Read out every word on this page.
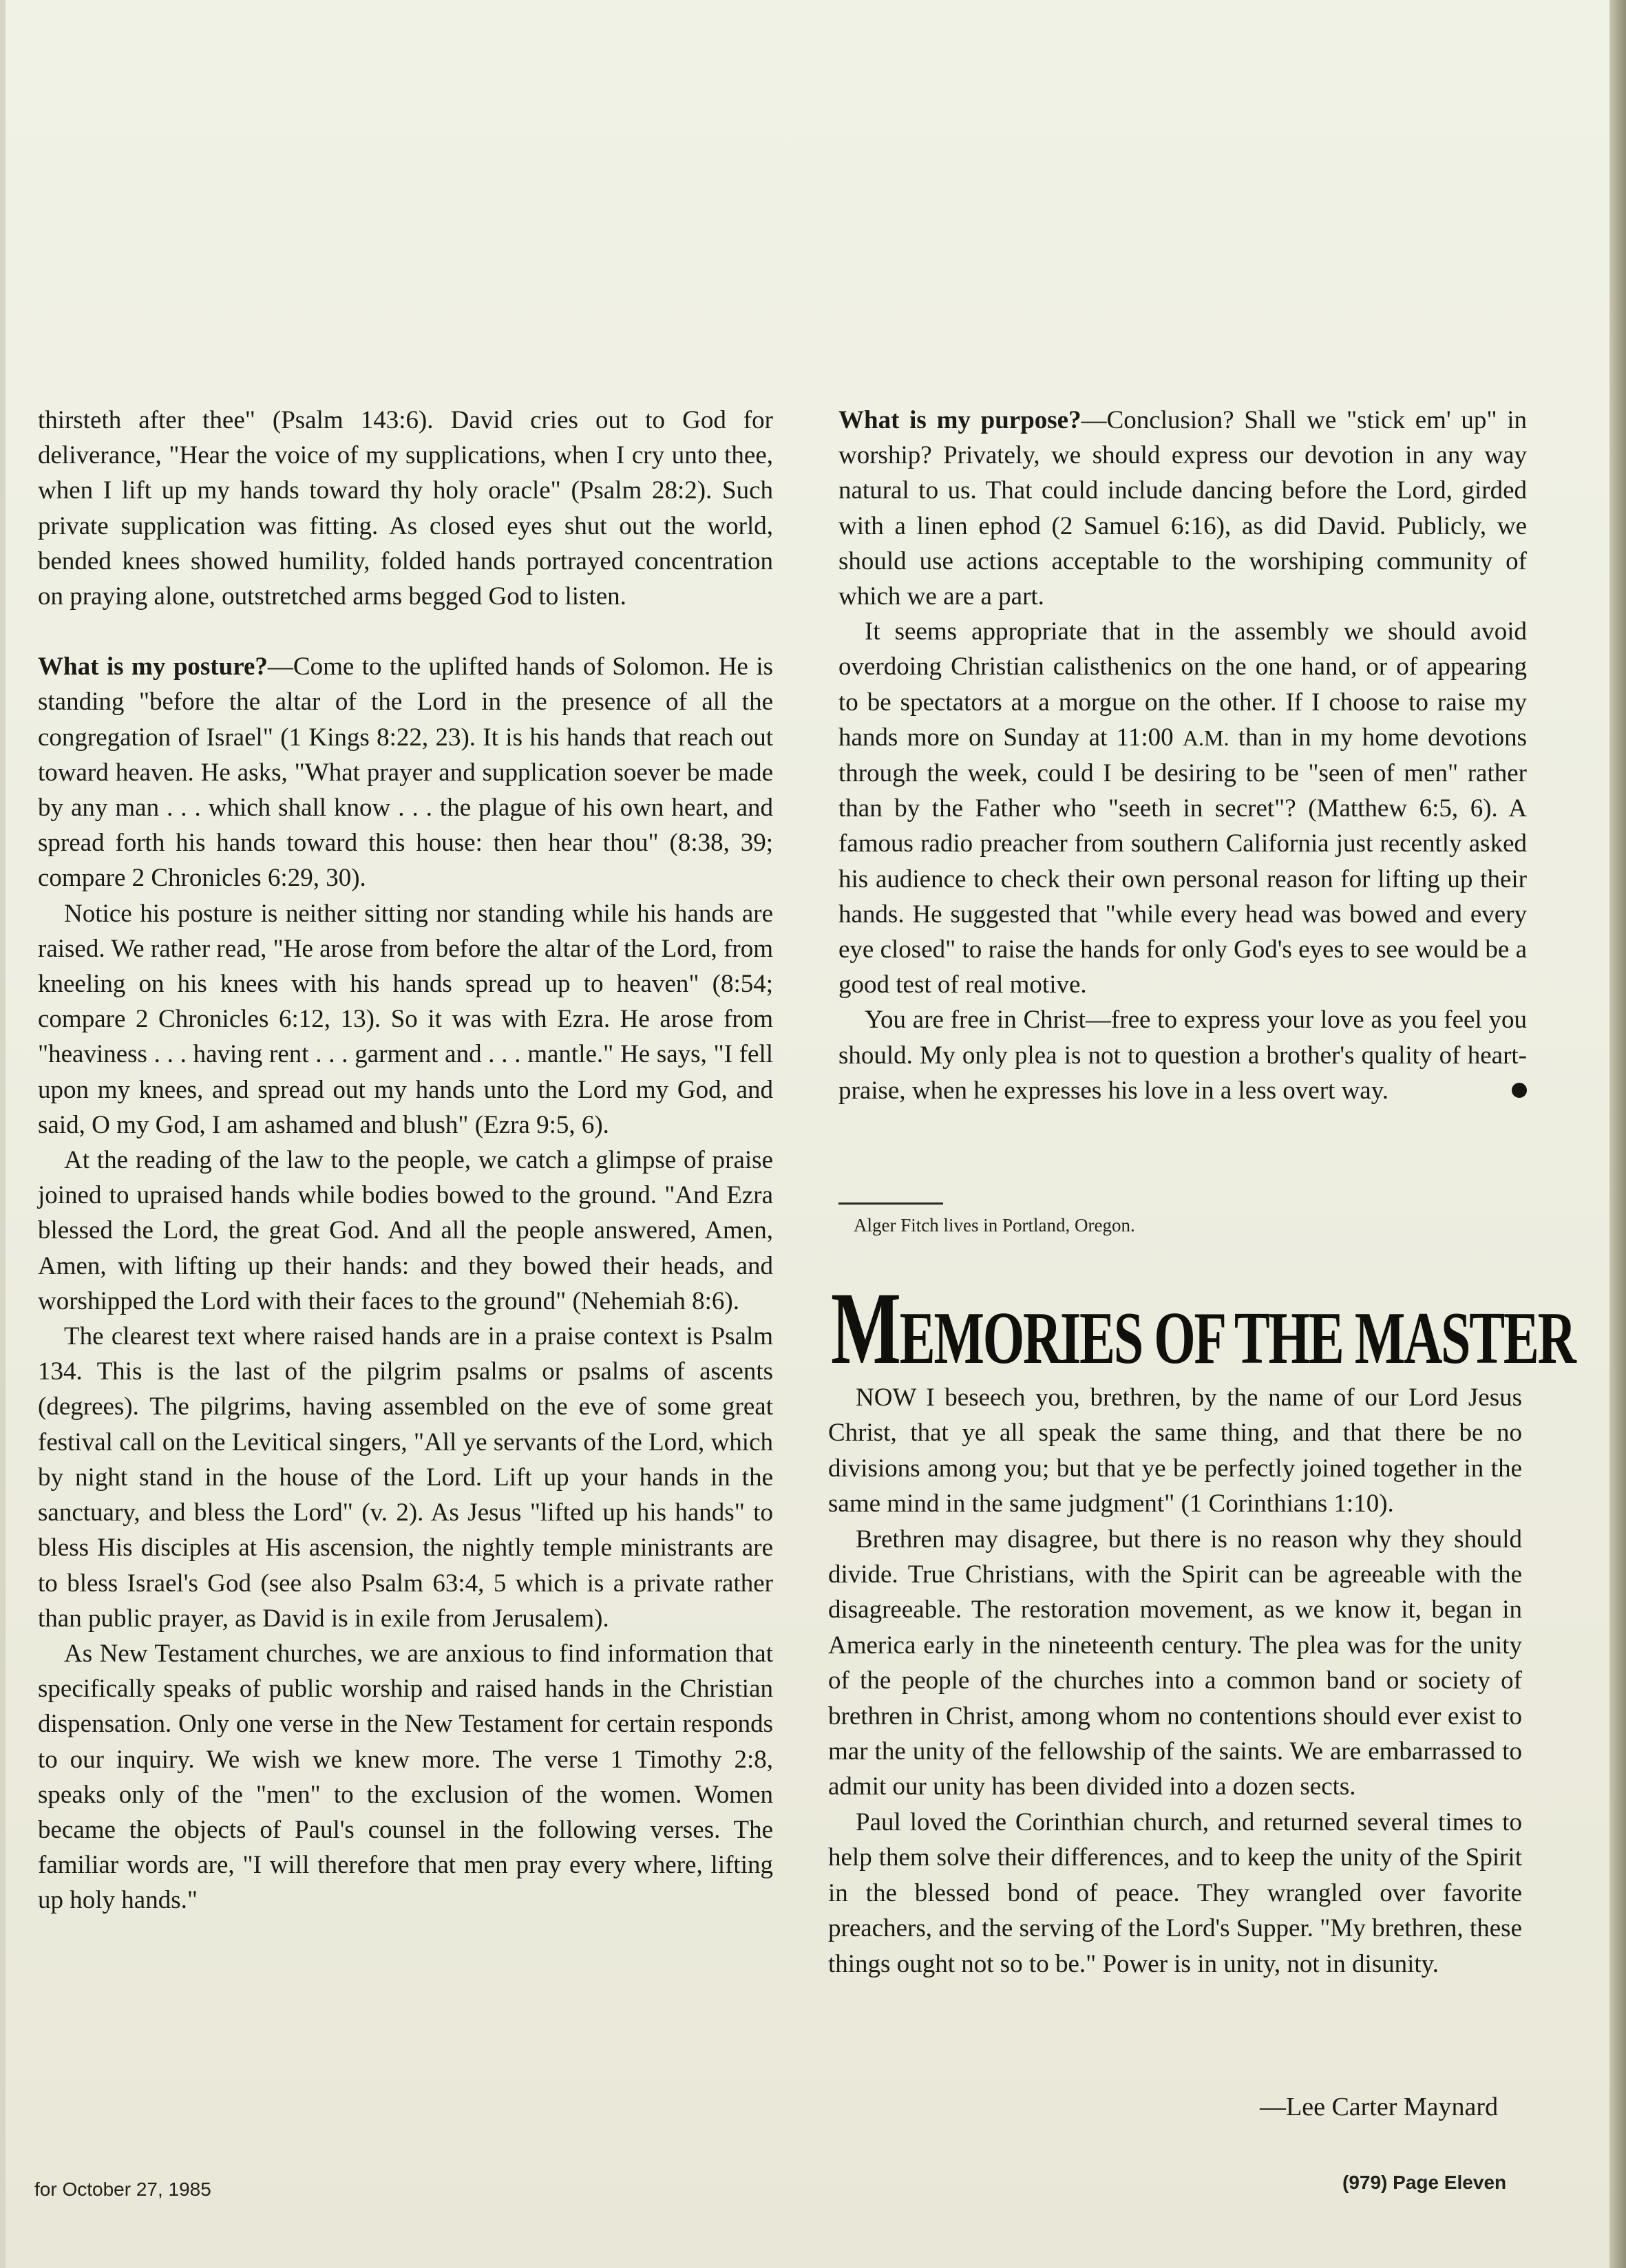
thirsteth after thee" (Psalm 143:6). David cries out to God for deliverance, "Hear the voice of my supplications, when I cry unto thee, when I lift up my hands toward thy holy oracle" (Psalm 28:2). Such private supplication was fitting. As closed eyes shut out the world, bended knees showed humility, folded hands portrayed concentration on praying alone, outstretched arms begged God to listen.

What is my posture?—Come to the uplifted hands of Solomon. He is standing "before the altar of the Lord in the presence of all the congregation of Israel" (1 Kings 8:22, 23). It is his hands that reach out toward heaven. He asks, "What prayer and supplication soever be made by any man . . . which shall know . . . the plague of his own heart, and spread forth his hands toward this house: then hear thou" (8:38, 39; compare 2 Chronicles 6:29, 30).

Notice his posture is neither sitting nor standing while his hands are raised. We rather read, "He arose from before the altar of the Lord, from kneeling on his knees with his hands spread up to heaven" (8:54; compare 2 Chronicles 6:12, 13). So it was with Ezra. He arose from "heaviness . . . having rent . . . garment and . . . mantle." He says, "I fell upon my knees, and spread out my hands unto the Lord my God, and said, O my God, I am ashamed and blush" (Ezra 9:5, 6).

At the reading of the law to the people, we catch a glimpse of praise joined to upraised hands while bodies bowed to the ground. "And Ezra blessed the Lord, the great God. And all the people answered, Amen, Amen, with lifting up their hands: and they bowed their heads, and worshipped the Lord with their faces to the ground" (Nehemiah 8:6).

The clearest text where raised hands are in a praise context is Psalm 134. This is the last of the pilgrim psalms or psalms of ascents (degrees). The pilgrims, having assembled on the eve of some great festival call on the Levitical singers, "All ye servants of the Lord, which by night stand in the house of the Lord. Lift up your hands in the sanctuary, and bless the Lord" (v. 2). As Jesus "lifted up his hands" to bless His disciples at His ascension, the nightly temple ministrants are to bless Israel's God (see also Psalm 63:4, 5 which is a private rather than public prayer, as David is in exile from Jerusalem).

As New Testament churches, we are anxious to find information that specifically speaks of public worship and raised hands in the Christian dispensation. Only one verse in the New Testament for certain responds to our inquiry. We wish we knew more. The verse 1 Timothy 2:8, speaks only of the "men" to the exclusion of the women. Women became the objects of Paul's counsel in the following verses. The familiar words are, "I will therefore that men pray every where, lifting up holy hands."

What is my purpose?—Conclusion? Shall we "stick em' up" in worship? Privately, we should express our devotion in any way natural to us. That could include dancing before the Lord, girded with a linen ephod (2 Samuel 6:16), as did David. Publicly, we should use actions acceptable to the worshiping community of which we are a part.

It seems appropriate that in the assembly we should avoid overdoing Christian calisthenics on the one hand, or of appearing to be spectators at a morgue on the other. If I choose to raise my hands more on Sunday at 11:00 A.M. than in my home devotions through the week, could I be desiring to be "seen of men" rather than by the Father who "seeth in secret"? (Matthew 6:5, 6). A famous radio preacher from southern California just recently asked his audience to check their own personal reason for lifting up their hands. He suggested that "while every head was bowed and every eye closed" to raise the hands for only God's eyes to see would be a good test of real motive.

You are free in Christ—free to express your love as you feel you should. My only plea is not to question a brother's quality of heart-praise, when he expresses his love in a less overt way.

Alger Fitch lives in Portland, Oregon.
MEMORIES OF THE MASTER

NOW I beseech you, brethren, by the name of our Lord Jesus Christ, that ye all speak the same thing, and that there be no divisions among you; but that ye be perfectly joined together in the same mind in the same judgment" (1 Corinthians 1:10).

Brethren may disagree, but there is no reason why they should divide. True Christians, with the Spirit can be agreeable with the disagreeable. The restoration movement, as we know it, began in America early in the nineteenth century. The plea was for the unity of the people of the churches into a common band or society of brethren in Christ, among whom no contentions should ever exist to mar the unity of the fellowship of the saints. We are embarrassed to admit our unity has been divided into a dozen sects.

Paul loved the Corinthian church, and returned several times to help them solve their differences, and to keep the unity of the Spirit in the blessed bond of peace. They wrangled over favorite preachers, and the serving of the Lord's Supper. "My brethren, these things ought not so to be." Power is in unity, not in disunity.

—Lee Carter Maynard
for October 27, 1985	(979) Page Eleven
